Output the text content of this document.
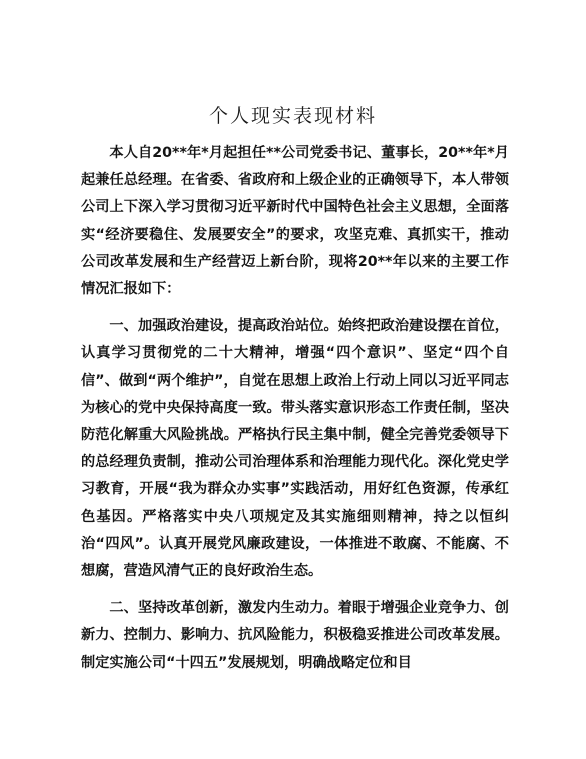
个人现实表现材料

本人自20**年*月起担任**公司党委书记、董事长，20**年*月起兼任总经理。在省委、省政府和上级企业的正确领导下，本人带领公司上下深入学习贯彻习近平新时代中国特色社会主义思想，全面落实“经济要稳住、发展要安全”的要求，攻坚克难、真抓实干，推动公司改革发展和生产经营迈上新台阶，现将20**年以来的主要工作情况汇报如下：

一、加强政治建设，提高政治站位。始终把政治建设摆在首位，认真学习贯彻党的二十大精神，增强“四个意识”、坚定“四个自信”、做到“两个维护”，自觉在思想上政治上行动上同以习近平同志为核心的党中央保持高度一致。带头落实意识形态工作责任制，坚决防范化解重大风险挑战。严格执行民主集中制，健全完善党委领导下的总经理负责制，推动公司治理体系和治理能力现代化。深化党史学习教育，开展“我为群众办实事”实践活动，用好红色资源，传承红色基因。严格落实中央八项规定及其实施细则精神，持之以恒纠治“四风”。认真开展党风廉政建设，一体推进不敢腐、不能腐、不想腐，营造风清气正的良好政治生态。

二、坚持改革创新，激发内生动力。着眼于增强企业竞争力、创新力、控制力、影响力、抗风险能力，积极稳妥推进公司改革发展。制定实施公司“十四五”发展规划，明确战略定位和目
